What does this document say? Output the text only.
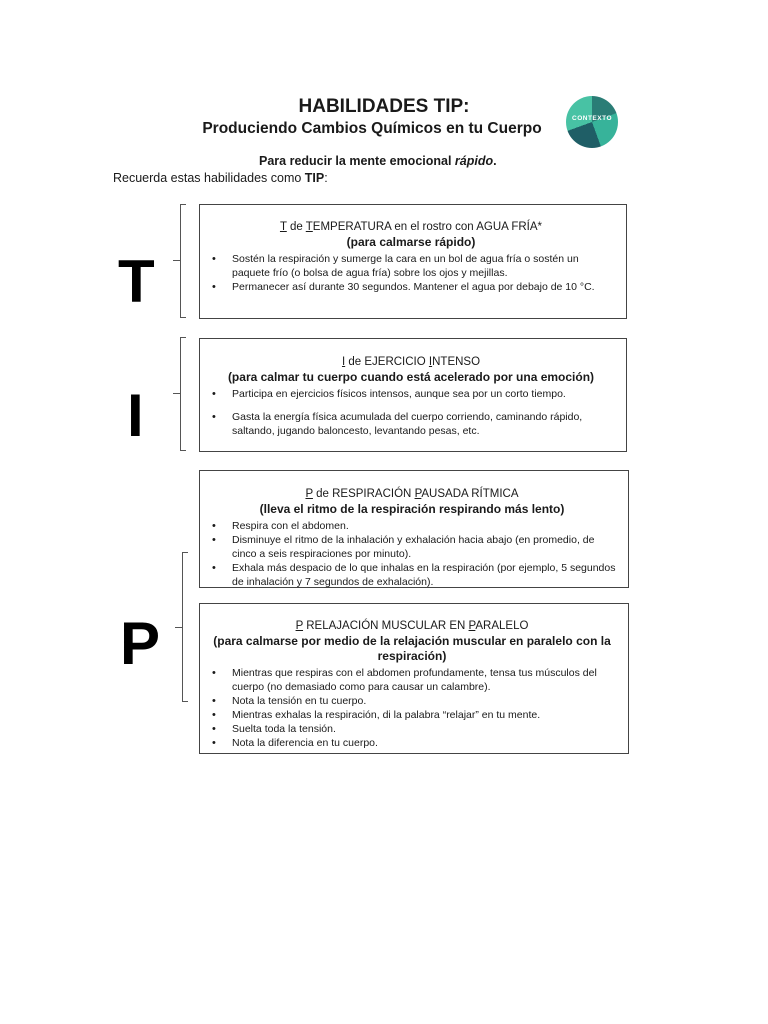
HABILIDADES TIP:
Produciendo Cambios Químicos en tu Cuerpo
CONTEXTO
Para reducir la mente emocional rápido.
Recuerda estas habilidades como TIP:
T
I
P
T de TEMPERATURA en el rostro con AGUA FRÍA*
(para calmarse rápido)
• Sostén la respiración y sumerge la cara en un bol de agua fría o sostén un paquete frío (o bolsa de agua fría) sobre los ojos y mejillas.
• Permanecer así durante 30 segundos. Mantener el agua por debajo de 10 °C.
I de EJERCICIO INTENSO
(para calmar tu cuerpo cuando está acelerado por una emoción)
• Participa en ejercicios físicos intensos, aunque sea por un corto tiempo.
• Gasta la energía física acumulada del cuerpo corriendo, caminando rápido, saltando, jugando baloncesto, levantando pesas, etc.
P de RESPIRACIÓN PAUSADA RÍTMICA
(lleva el ritmo de la respiración respirando más lento)
• Respira con el abdomen.
• Disminuye el ritmo de la inhalación y exhalación hacia abajo (en promedio, de cinco a seis respiraciones por minuto).
• Exhala más despacio de lo que inhalas en la respiración (por ejemplo, 5 segundos de inhalación y 7 segundos de exhalación).
P RELAJACIÓN MUSCULAR EN PARALELO
(para calmarse por medio de la relajación muscular en paralelo con la respiración)
• Mientras que respiras con el abdomen profundamente, tensa tus músculos del cuerpo (no demasiado como para causar un calambre).
• Nota la tensión en tu cuerpo.
• Mientras exhalas la respiración, di la palabra “relajar” en tu mente.
• Suelta toda la tensión.
• Nota la diferencia en tu cuerpo.
